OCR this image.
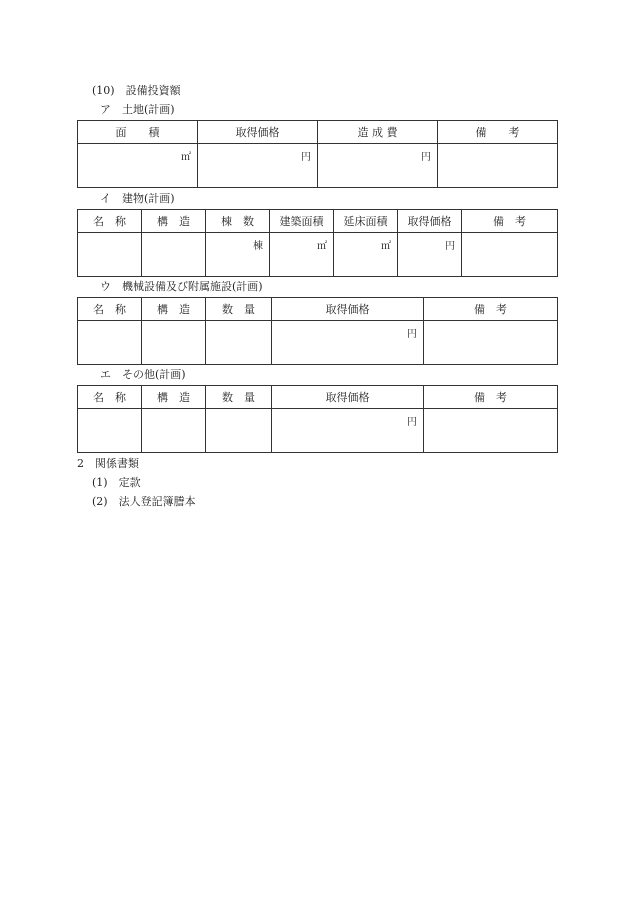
(10)　設備投資額
ア　土地(計画)
面　　積	取得価格	造 成 費	備　　考

㎡	円	円	

イ　建物(計画)
名　称	構　造	棟　数	建築面積	延床面積	取得価格	備　考

		棟	㎡	㎡	円	

ウ　機械設備及び附属施設(計画)
名　称	構　造	数　量	取得価格	備　考

			円	

エ　その他(計画)
名　称	構　造	数　量	取得価格	備　考

			円	

2　関係書類
(1)　定款
(2)　法人登記簿謄本
